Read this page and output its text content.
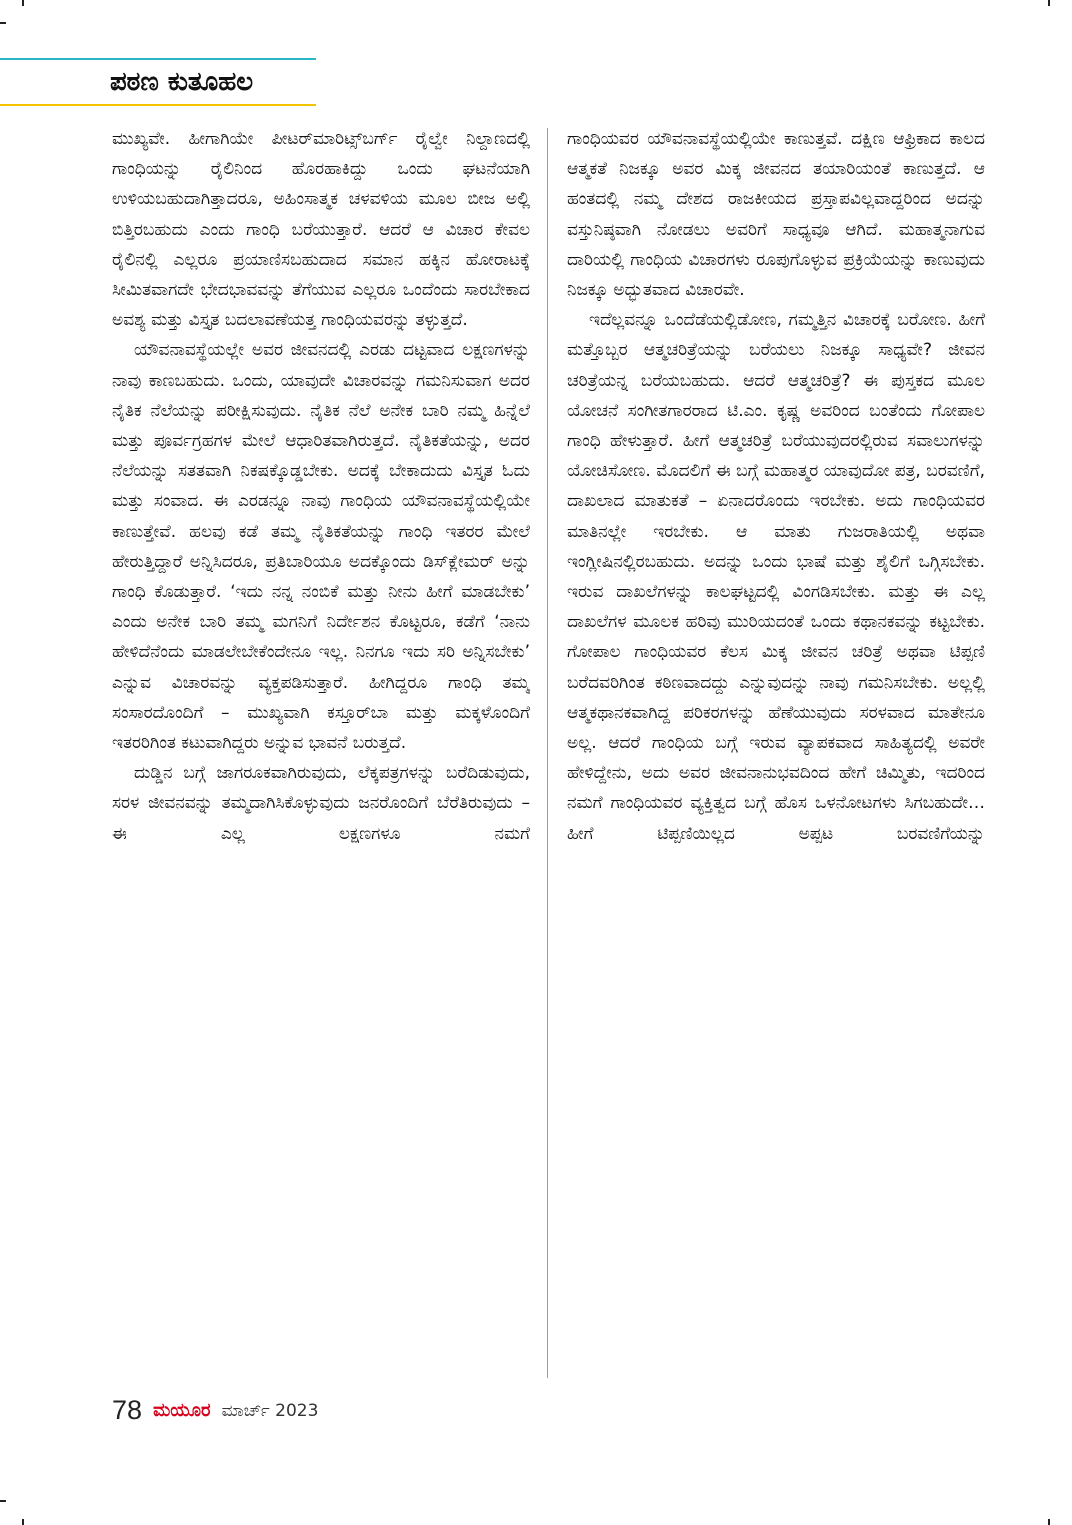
ಪಠಣ ಕುತೂಹಲ

ಮುಖ್ಯವೇ. ಹೀಗಾಗಿಯೇ ಪೀಟರ್‌ಮಾರಿಟ್ಸ್‌ಬರ್ಗ್ ರೈಲ್ವೇ ನಿಲ್ದಾಣದಲ್ಲಿ ಗಾಂಧಿಯನ್ನು ರೈಲಿನಿಂದ ಹೊರಹಾಕಿದ್ದು ಒಂದು ಘಟನೆಯಾಗಿ ಉಳಿಯಬಹುದಾಗಿತ್ತಾದರೂ, ಅಹಿಂಸಾತ್ಮಕ ಚಳವಳಿಯ ಮೂಲ ಬೀಜ ಅಲ್ಲಿ ಬಿತ್ತಿರಬಹುದು ಎಂದು ಗಾಂಧಿ ಬರೆಯುತ್ತಾರೆ. ಆದರೆ ಆ ವಿಚಾರ ಕೇವಲ ರೈಲಿನಲ್ಲಿ ಎಲ್ಲರೂ ಪ್ರಯಾಣಿಸಬಹುದಾದ ಸಮಾನ ಹಕ್ಕಿನ ಹೋರಾಟಕ್ಕೆ ಸೀಮಿತವಾಗದೇ ಭೇದಭಾವವನ್ನು ತೆಗೆಯುವ ಎಲ್ಲರೂ ಒಂದೆಂದು ಸಾರಬೇಕಾದ ಅವಶ್ಯ ಮತ್ತು ವಿಸ್ತೃತ ಬದಲಾವಣೆಯತ್ತ ಗಾಂಧಿಯವರನ್ನು ತಳ್ಳುತ್ತದೆ.

ಯೌವನಾವಸ್ಥೆಯಲ್ಲೇ ಅವರ ಜೀವನದಲ್ಲಿ ಎರಡು ದಟ್ಟವಾದ ಲಕ್ಷಣಗಳನ್ನು ನಾವು ಕಾಣಬಹುದು. ಒಂದು, ಯಾವುದೇ ವಿಚಾರವನ್ನು ಗಮನಿಸುವಾಗ ಅದರ ನೈತಿಕ ನೆಲೆಯನ್ನು ಪರೀಕ್ಷಿಸುವುದು. ನೈತಿಕ ನೆಲೆ ಅನೇಕ ಬಾರಿ ನಮ್ಮ ಹಿನ್ನೆಲೆ ಮತ್ತು ಪೂರ್ವಗ್ರಹಗಳ ಮೇಲೆ ಆಧಾರಿತವಾಗಿರುತ್ತದೆ. ನೈತಿಕತೆಯನ್ನು, ಅದರ ನೆಲೆಯನ್ನು ಸತತವಾಗಿ ನಿಕಷಕ್ಕೊಡ್ಡಬೇಕು. ಅದಕ್ಕೆ ಬೇಕಾದುದು ವಿಸ್ತೃತ ಓದು ಮತ್ತು ಸಂವಾದ. ಈ ಎರಡನ್ನೂ ನಾವು ಗಾಂಧಿಯ ಯೌವನಾವಸ್ಥೆಯಲ್ಲಿಯೇ ಕಾಣುತ್ತೇವೆ. ಹಲವು ಕಡೆ ತಮ್ಮ ನೈತಿಕತೆಯನ್ನು ಗಾಂಧಿ ಇತರರ ಮೇಲೆ ಹೇರುತ್ತಿದ್ದಾರೆ ಅನ್ನಿಸಿದರೂ, ಪ್ರತಿಬಾರಿಯೂ ಅದಕ್ಕೊಂದು ಡಿಸ್‌ಕ್ಲೇಮರ್ ಅನ್ನು ಗಾಂಧಿ ಕೊಡುತ್ತಾರೆ. ‘ಇದು ನನ್ನ ನಂಬಿಕೆ ಮತ್ತು ನೀನು ಹೀಗೆ ಮಾಡಬೇಕು’ ಎಂದು ಅನೇಕ ಬಾರಿ ತಮ್ಮ ಮಗನಿಗೆ ನಿರ್ದೇಶನ ಕೊಟ್ಟರೂ, ಕಡೆಗೆ ‘ನಾನು ಹೇಳಿದೆನೆಂದು ಮಾಡಲೇಬೇಕೆಂದೇನೂ ಇಲ್ಲ. ನಿನಗೂ ಇದು ಸರಿ ಅನ್ನಿಸಬೇಕು’ ಎನ್ನುವ ವಿಚಾರವನ್ನು ವ್ಯಕ್ತಪಡಿಸುತ್ತಾರೆ. ಹೀಗಿದ್ದರೂ ಗಾಂಧಿ ತಮ್ಮ ಸಂಸಾರದೊಂದಿಗೆ – ಮುಖ್ಯವಾಗಿ ಕಸ್ತೂರ್‌ಬಾ ಮತ್ತು ಮಕ್ಕಳೊಂದಿಗೆ ಇತರರಿಗಿಂತ ಕಟುವಾಗಿದ್ದರು ಅನ್ನುವ ಭಾವನೆ ಬರುತ್ತದೆ.

ದುಡ್ಡಿನ ಬಗ್ಗೆ ಜಾಗರೂಕವಾಗಿರುವುದು, ಲೆಕ್ಕಪತ್ರಗಳನ್ನು ಬರೆದಿಡುವುದು, ಸರಳ ಜೀವನವನ್ನು ತಮ್ಮದಾಗಿಸಿಕೊಳ್ಳುವುದು ಜನರೊಂದಿಗೆ ಬೆರೆತಿರುವುದು – ಈ ಎಲ್ಲ ಲಕ್ಷಣಗಳೂ ನಮಗೆ

ಗಾಂಧಿಯವರ ಯೌವನಾವಸ್ಥೆಯಲ್ಲಿಯೇ ಕಾಣುತ್ತವೆ. ದಕ್ಷಿಣ ಆಫ್ರಿಕಾದ ಕಾಲದ ಆತ್ಮಕತೆ ನಿಜಕ್ಕೂ ಅವರ ಮಿಕ್ಕ ಜೀವನದ ತಯಾರಿಯಂತೆ ಕಾಣುತ್ತದೆ. ಆ ಹಂತದಲ್ಲಿ ನಮ್ಮ ದೇಶದ ರಾಜಕೀಯದ ಪ್ರಸ್ತಾಪವಿಲ್ಲವಾದ್ದರಿಂದ ಅದನ್ನು ವಸ್ತುನಿಷ್ಠವಾಗಿ ನೋಡಲು ಅವರಿಗೆ ಸಾಧ್ಯವೂ ಆಗಿದೆ. ಮಹಾತ್ಮನಾಗುವ ದಾರಿಯಲ್ಲಿ ಗಾಂಧಿಯ ವಿಚಾರಗಳು ರೂಪುಗೊಳ್ಳುವ ಪ್ರಕ್ರಿಯೆಯನ್ನು ಕಾಣುವುದು ನಿಜಕ್ಕೂ ಅದ್ಭುತವಾದ ವಿಚಾರವೇ.

ಇದೆಲ್ಲವನ್ನೂ ಒಂದೆಡೆಯಲ್ಲಿಡೋಣ, ಗಮ್ಮತ್ತಿನ ವಿಚಾರಕ್ಕೆ ಬರೋಣ. ಹೀಗೆ ಮತ್ತೊಬ್ಬರ ಆತ್ಮಚರಿತ್ರೆಯನ್ನು ಬರೆಯಲು ನಿಜಕ್ಕೂ ಸಾಧ್ಯವೇ? ಜೀವನ ಚರಿತ್ರೆಯನ್ನ ಬರೆಯಬಹುದು. ಆದರೆ ಆತ್ಮಚರಿತ್ರೆ? ಈ ಪುಸ್ತಕದ ಮೂಲ ಯೋಚನೆ ಸಂಗೀತಗಾರರಾದ ಟಿ.ಎಂ. ಕೃಷ್ಣ ಅವರಿಂದ ಬಂತೆಂದು ಗೋಪಾಲ ಗಾಂಧಿ ಹೇಳುತ್ತಾರೆ. ಹೀಗೆ ಆತ್ಮಚರಿತ್ರೆ ಬರೆಯುವುದರಲ್ಲಿರುವ ಸವಾಲುಗಳನ್ನು ಯೋಚಿಸೋಣ. ಮೊದಲಿಗೆ ಈ ಬಗ್ಗೆ ಮಹಾತ್ಮರ ಯಾವುದೋ ಪತ್ರ, ಬರವಣಿಗೆ, ದಾಖಲಾದ ಮಾತುಕತೆ – ಏನಾದರೊಂದು ಇರಬೇಕು. ಅದು ಗಾಂಧಿಯವರ ಮಾತಿನಲ್ಲೇ ಇರಬೇಕು. ಆ ಮಾತು ಗುಜರಾತಿಯಲ್ಲಿ ಅಥವಾ ಇಂಗ್ಲೀಷಿನಲ್ಲಿರಬಹುದು. ಅದನ್ನು ಒಂದು ಭಾಷೆ ಮತ್ತು ಶೈಲಿಗೆ ಒಗ್ಗಿಸಬೇಕು. ಇರುವ ದಾಖಲೆಗಳನ್ನು ಕಾಲಘಟ್ಟದಲ್ಲಿ ವಿಂಗಡಿಸಬೇಕು. ಮತ್ತು ಈ ಎಲ್ಲ ದಾಖಲೆಗಳ ಮೂಲಕ ಹರಿವು ಮುರಿಯದಂತೆ ಒಂದು ಕಥಾನಕವನ್ನು ಕಟ್ಟಬೇಕು. ಗೋಪಾಲ ಗಾಂಧಿಯವರ ಕೆಲಸ ಮಿಕ್ಕ ಜೀವನ ಚರಿತ್ರೆ ಅಥವಾ ಟಿಪ್ಪಣಿ ಬರೆದವರಿಗಿಂತ ಕಠಿಣವಾದದ್ದು ಎನ್ನುವುದನ್ನು ನಾವು ಗಮನಿಸಬೇಕು. ಅಲ್ಲಲ್ಲಿ ಆತ್ಮಕಥಾನಕವಾಗಿದ್ದ ಪರಿಕರಗಳನ್ನು ಹೆಣೆಯುವುದು ಸರಳವಾದ ಮಾತೇನೂ ಅಲ್ಲ. ಆದರೆ ಗಾಂಧಿಯ ಬಗ್ಗೆ ಇರುವ ವ್ಯಾಪಕವಾದ ಸಾಹಿತ್ಯದಲ್ಲಿ ಅವರೇ ಹೇಳಿದ್ದೇನು, ಅದು ಅವರ ಜೀವನಾನುಭವದಿಂದ ಹೇಗೆ ಚಿಮ್ಮಿತು, ಇದರಿಂದ ನಮಗೆ ಗಾಂಧಿಯವರ ವ್ಯಕ್ತಿತ್ವದ ಬಗ್ಗೆ ಹೊಸ ಒಳನೋಟಗಳು ಸಿಗಬಹುದೇ… ಹೀಗೆ ಟಿಪ್ಪಣಿಯಿಲ್ಲದ ಅಪ್ಪಟ ಬರವಣಿಗೆಯನ್ನು

78 ಮಯೂರ ಮಾರ್ಚ್ 2023
